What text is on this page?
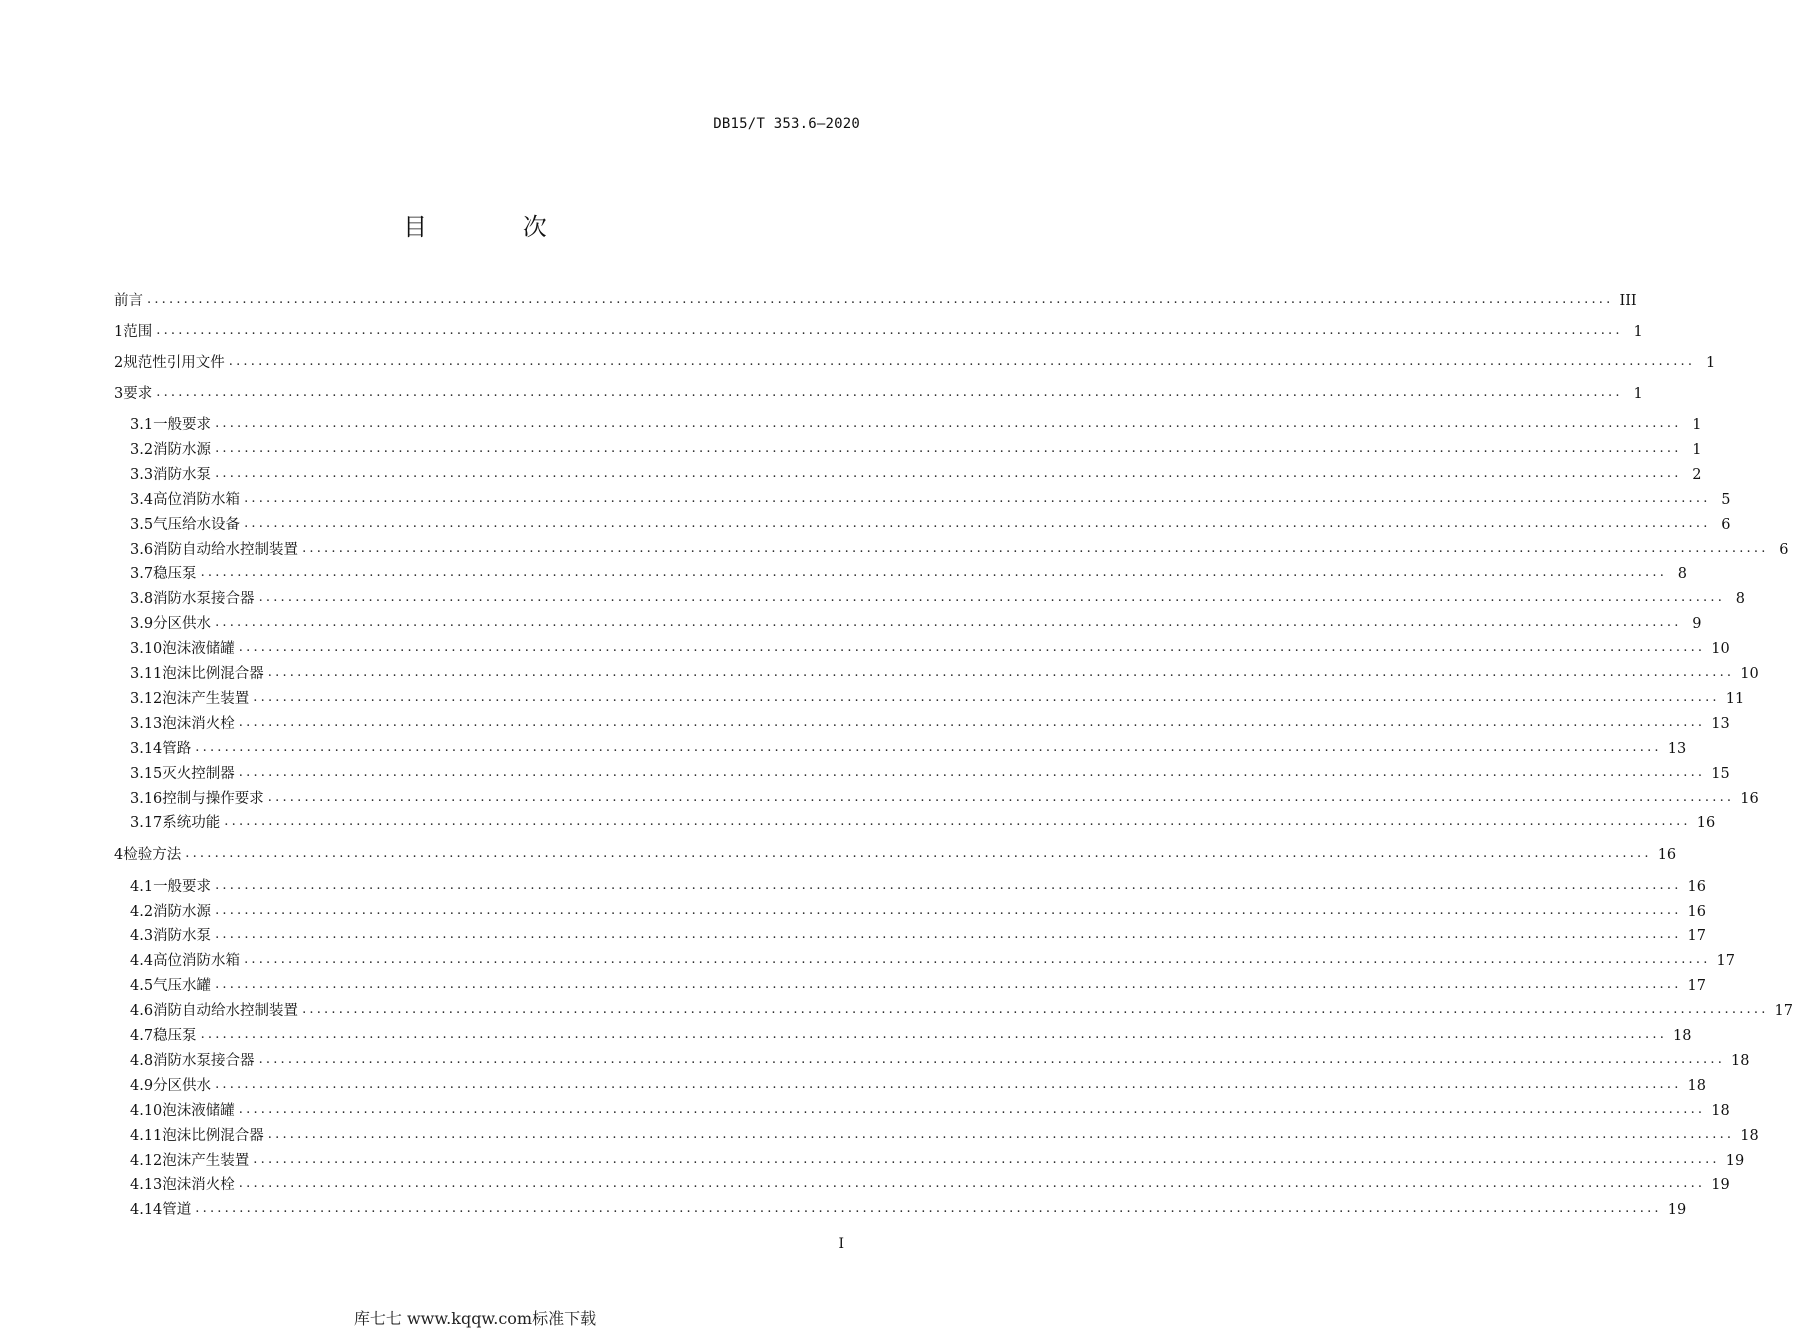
DB15/T 353.6—2020
目 次
前言 ........................................................................................................................................................................................................ III
1 范围 ........................................................................................................................................................................................................ 1
2 规范性引用文件 ........................................................................................................................................................................................................ 1
3 要求 ........................................................................................................................................................................................................ 1
3.1 一般要求 ........................................................................................................................................................................................................ 1
3.2 消防水源 ........................................................................................................................................................................................................ 1
3.3 消防水泵 ........................................................................................................................................................................................................ 2
3.4 高位消防水箱 ........................................................................................................................................................................................................ 5
3.5 气压给水设备 ........................................................................................................................................................................................................ 6
3.6 消防自动给水控制装置 ........................................................................................................................................................................................................ 6
3.7 稳压泵 ........................................................................................................................................................................................................ 8
3.8 消防水泵接合器 ........................................................................................................................................................................................................ 8
3.9 分区供水 ........................................................................................................................................................................................................ 9
3.10 泡沫液储罐 ........................................................................................................................................................................................................ 10
3.11 泡沫比例混合器 ........................................................................................................................................................................................................ 10
3.12 泡沫产生装置 ........................................................................................................................................................................................................ 11
3.13 泡沫消火栓 ........................................................................................................................................................................................................ 13
3.14 管路 ........................................................................................................................................................................................................ 13
3.15 灭火控制器 ........................................................................................................................................................................................................ 15
3.16 控制与操作要求 ........................................................................................................................................................................................................ 16
3.17 系统功能 ........................................................................................................................................................................................................ 16
4 检验方法 ........................................................................................................................................................................................................ 16
4.1 一般要求 ........................................................................................................................................................................................................ 16
4.2 消防水源 ........................................................................................................................................................................................................ 16
4.3 消防水泵 ........................................................................................................................................................................................................ 17
4.4 高位消防水箱 ........................................................................................................................................................................................................ 17
4.5 气压水罐 ........................................................................................................................................................................................................ 17
4.6 消防自动给水控制装置 ........................................................................................................................................................................................................ 17
4.7 稳压泵 ........................................................................................................................................................................................................ 18
4.8 消防水泵接合器 ........................................................................................................................................................................................................ 18
4.9 分区供水 ........................................................................................................................................................................................................ 18
4.10 泡沫液储罐 ........................................................................................................................................................................................................ 18
4.11 泡沫比例混合器 ........................................................................................................................................................................................................ 18
4.12 泡沫产生装置 ........................................................................................................................................................................................................ 19
4.13 泡沫消火栓 ........................................................................................................................................................................................................ 19
4.14 管道 ........................................................................................................................................................................................................ 19
I
库七七 www.kqqw.com标准下载
